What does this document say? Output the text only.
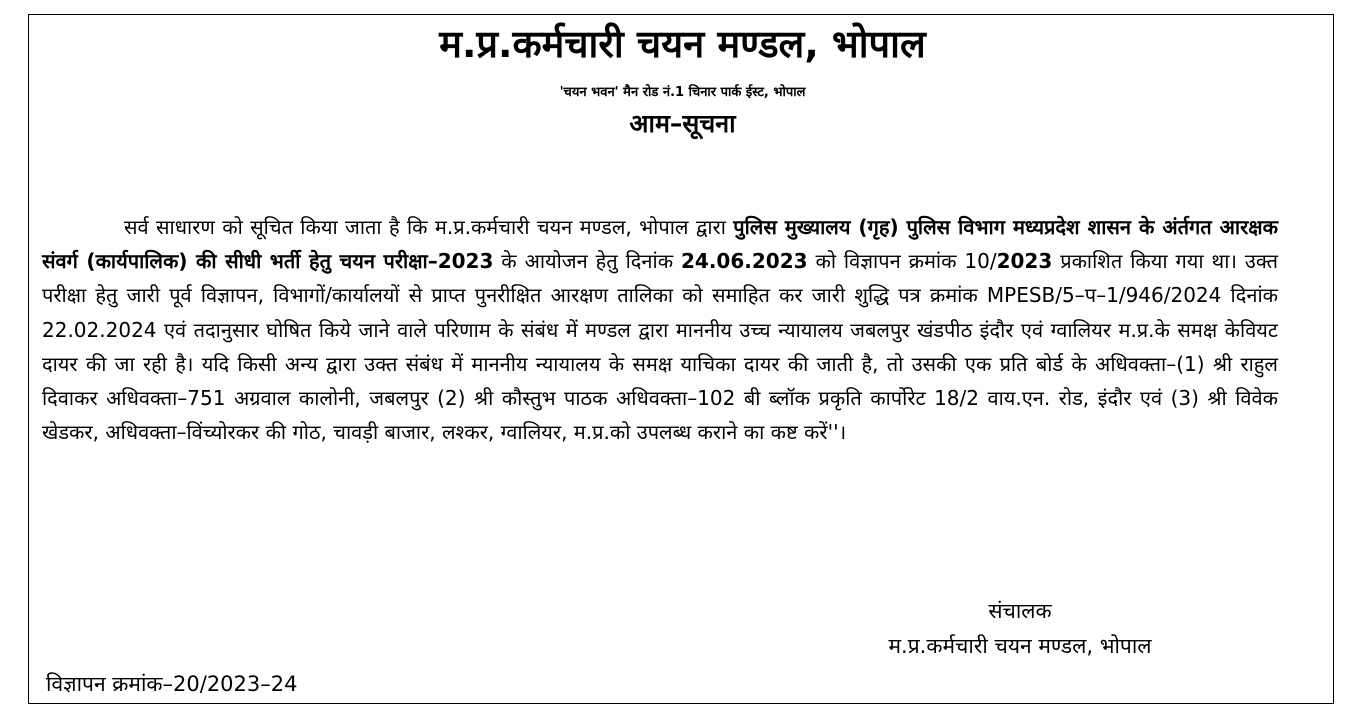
म.प्र.कर्मचारी चयन मण्डल, भोपाल
'चयन भवन' मैन रोड नं.1 चिनार पार्क ईस्ट, भोपाल
आम–सूचना
सर्व साधारण को सूचित किया जाता है कि म.प्र.कर्मचारी चयन मण्डल, भोपाल द्वारा पुलिस मुख्यालय (गृह) पुलिस विभाग मध्यप्रदेश शासन के अंर्तगत आरक्षक संवर्ग (कार्यपालिक) की सीधी भर्ती हेतु चयन परीक्षा–2023 के आयोजन हेतु दिनांक 24.06.2023 को विज्ञापन क्रमांक 10/2023 प्रकाशित किया गया था। उक्त परीक्षा हेतु जारी पूर्व विज्ञापन, विभागों/कार्यालयों से प्राप्त पुनरीक्षित आरक्षण तालिका को समाहित कर जारी शुद्धि पत्र क्रमांक MPESB/5–प–1/946/2024 दिनांक 22.02.2024 एवं तदानुसार घोषित किये जाने वाले परिणाम के संबंध में मण्डल द्वारा माननीय उच्च न्यायालय जबलपुर खंडपीठ इंदौर एवं ग्वालियर म.प्र.के समक्ष केवियट दायर की जा रही है। यदि किसी अन्य द्वारा उक्त संबंध में माननीय न्यायालय के समक्ष याचिका दायर की जाती है, तो उसकी एक प्रति बोर्ड के अधिवक्ता–(1) श्री राहुल दिवाकर अधिवक्ता–751 अग्रवाल कालोनी, जबलपुर (2) श्री कौस्तुभ पाठक अधिवक्ता–102 बी ब्लॉक प्रकृति कार्पोरेट 18/2 वाय.एन. रोड, इंदौर एवं (3) श्री विवेक खेडकर, अधिवक्ता–विंच्योरकर की गोठ, चावड़ी बाजार, लश्कर, ग्वालियर, म.प्र.को उपलब्ध कराने का कष्ट करें''।
संचालक
म.प्र.कर्मचारी चयन मण्डल, भोपाल
विज्ञापन क्रमांक–20/2023–24
